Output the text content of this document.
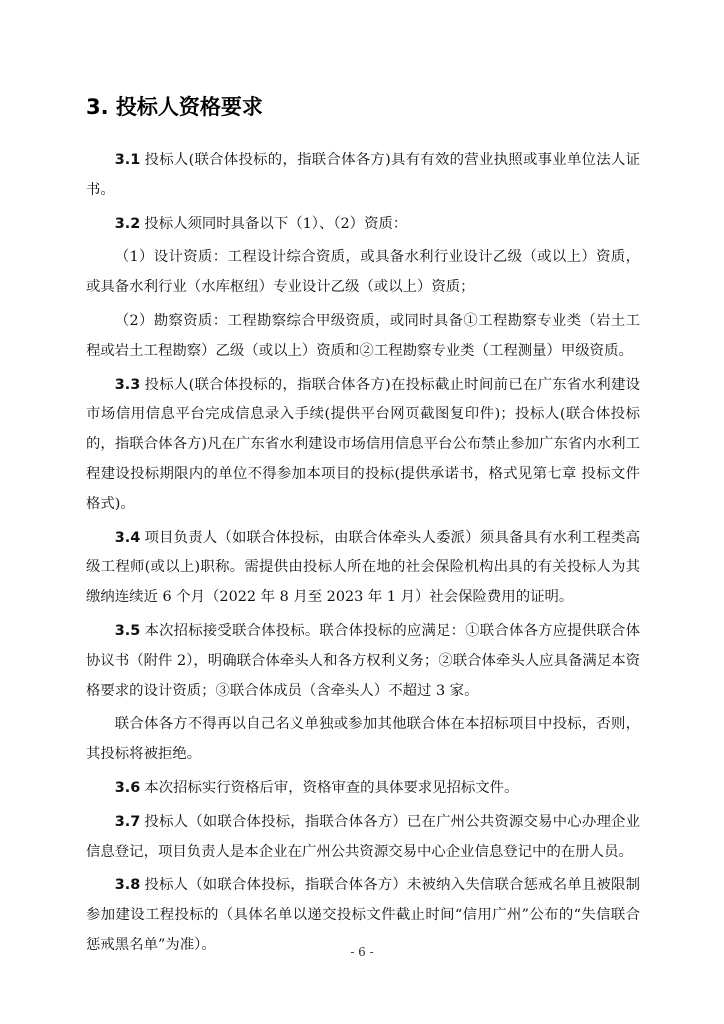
3. 投标人资格要求

3.1 投标人(联合体投标的，指联合体各方)具有有效的营业执照或事业单位法人证书。

3.2 投标人须同时具备以下（1）、（2）资质：

（1）设计资质：工程设计综合资质，或具备水利行业设计乙级（或以上）资质，或具备水利行业（水库枢纽）专业设计乙级（或以上）资质；

（2）勘察资质：工程勘察综合甲级资质，或同时具备①工程勘察专业类（岩土工程或岩土工程勘察）乙级（或以上）资质和②工程勘察专业类（工程测量）甲级资质。

3.3 投标人(联合体投标的，指联合体各方)在投标截止时间前已在广东省水利建设市场信用信息平台完成信息录入手续(提供平台网页截图复印件)；投标人(联合体投标的，指联合体各方)凡在广东省水利建设市场信用信息平台公布禁止参加广东省内水利工程建设投标期限内的单位不得参加本项目的投标(提供承诺书，格式见第七章 投标文件格式)。

3.4 项目负责人（如联合体投标，由联合体牵头人委派）须具备具有水利工程类高级工程师(或以上)职称。需提供由投标人所在地的社会保险机构出具的有关投标人为其缴纳连续近 6 个月（2022 年 8 月至 2023 年 1 月）社会保险费用的证明。

3.5 本次招标接受联合体投标。联合体投标的应满足：①联合体各方应提供联合体协议书（附件 2），明确联合体牵头人和各方权利义务；②联合体牵头人应具备满足本资格要求的设计资质；③联合体成员（含牵头人）不超过 3 家。

联合体各方不得再以自己名义单独或参加其他联合体在本招标项目中投标，否则，其投标将被拒绝。

3.6 本次招标实行资格后审，资格审查的具体要求见招标文件。

3.7 投标人（如联合体投标，指联合体各方）已在广州公共资源交易中心办理企业信息登记，项目负责人是本企业在广州公共资源交易中心企业信息登记中的在册人员。

3.8 投标人（如联合体投标，指联合体各方）未被纳入失信联合惩戒名单且被限制参加建设工程投标的（具体名单以递交投标文件截止时间“信用广州”公布的“失信联合惩戒黑名单”为准）。	- 6 -
